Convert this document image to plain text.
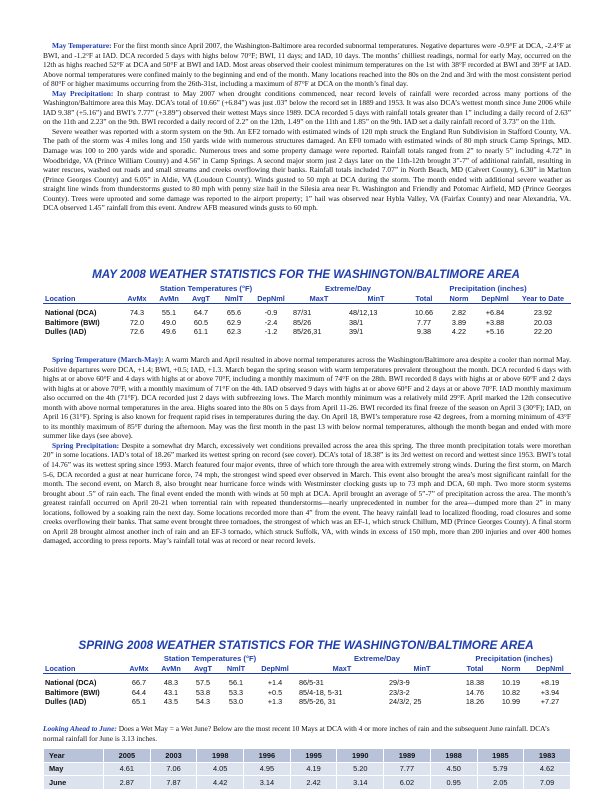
May Temperature: For the first month since April 2007, the Washington-Baltimore area recorded subnormal temperatures. Negative departures were -0.9°F at DCA, -2.4°F at BWI, and -1.2°F at IAD. DCA recorded 5 days with highs below 70°F; BWI, 11 days; and IAD, 10 days. The months’ chilliest readings, normal for early May, occurred on the 12th as highs reached 52°F at DCA and 50°F at BWI and IAD. Most areas observed their coolest minimum temperatures on the 1st with 38°F recorded at BWI and 39°F at IAD. Above normal temperatures were confined mainly to the beginning and end of the month. Many locations reached into the 80s on the 2nd and 3rd with the most consistent period of 80°F or higher maximums occurring from the 26th-31st, including a maximum of 87°F at DCA on the month’s final day.

May Precipitation: In sharp contrast to May 2007 when drought conditions commenced, near record levels of rainfall were recorded across many portions of the Washington/Baltimore area this May. DCA’s total of 10.66” (+6.84”) was just .03” below the record set in 1889 and 1953. It was also DCA’s wettest month since June 2006 while IAD 9.38” (+5.16”) and BWI’s 7.77” (+3.89”) observed their wettest Mays since 1989. DCA recorded 5 days with rainfall totals greater than 1” including a daily record of 2.63” on the 11th and 2.23” on the 9th. BWI recorded a daily record of 2.2” on the 12th, 1.49” on the 11th and 1.85” on the 9th. IAD set a daily rainfall record of 3.73” on the 11th.

Severe weather was reported with a storm system on the 9th. An EF2 tornado with estimated winds of 120 mph struck the England Run Subdivision in Stafford County, VA. The path of the storm was 4 miles long and 150 yards wide with numerous structures damaged. An EF0 tornado with estimated winds of 80 mph struck Camp Springs, MD. Damage was 100 to 200 yards wide and sporadic. Numerous trees and some property damage were reported. Rainfall totals ranged from 2” to nearly 5” including 4.72” in Woodbridge, VA (Prince William County) and 4.56” in Camp Springs. A second major storm just 2 days later on the 11th-12th brought 3”-7” of additional rainfall, resulting in water rescues, washed out roads and small streams and creeks overflowing their banks. Rainfall totals included 7.07” in North Beach, MD (Calvert County), 6.30” in Marlton (Prince Georges County) and 6.05” in Aldie, VA (Loudoun County). Winds gusted to 50 mph at DCA during the storm. The month ended with additional severe weather as straight line winds from thunderstorms gusted to 80 mph with penny size hail in the Silesia area near Ft. Washington and Friendly and Potomac Airfield, MD (Prince Georges County). Trees were uprooted and some damage was reported to the airport property; 1” hail was observed near Hybla Valley, VA (Fairfax County) and near Alexandria, VA. DCA observed 1.45” rainfall from this event. Andrew AFB measured winds gusts to 60 mph.

MAY 2008 WEATHER STATISTICS FOR THE WASHINGTON/BALTIMORE AREA
	Station Temperatures (°F)					Extreme/Day		Precipitation (inches)			
Location	AvMx	AvMn	AvgT	NmlT	DepNml	MaxT	MinT	Total	Norm	DepNml	Year to Date

National (DCA)	74.3	55.1	64.7	65.6	-0.9	87/31	48/12,13	10.66	2.82	+6.84	23.92
Baltimore (BWI)	72.0	49.0	60.5	62.9	-2.4	85/26	38/1	7.77	3.89	+3.88	20.03
Dulles (IAD)	72.6	49.6	61.1	62.3	-1.2	85/26,31	39/1	9.38	4.22	+5.16	22.20

Spring Temperature (March-May): A warm March and April resulted in above normal temperatures across the Washington/Baltimore area despite a cooler than normal May. Positive departures were DCA, +1.4; BWI, +0.5; IAD, +1.3. March began the spring season with warm temperatures prevalent throughout the month. DCA recorded 6 days with highs at or above 60°F and 4 days with highs at or above 70°F, including a monthly maximum of 74°F on the 28th. BWI recorded 8 days with highs at or above 60°F and 2 days with highs at or above 70°F, with a monthly maximum of 71°F on the 4th. IAD observed 9 days with highs at or above 60°F and 2 days at or above 70°F. IAD monthly maximum also occurred on the 4th (71°F). DCA recorded just 2 days with subfreezing lows. The March monthly minimum was a relatively mild 29°F. April marked the 12th consecutive month with above normal temperatures in the area. Highs soared into the 80s on 5 days from April 11-26. BWI recorded its final freeze of the season on April 3 (30°F); IAD, on April 16 (31°F). Spring is also known for frequent rapid rises in temperatures during the day. On April 18, BWI’s temperature rose 42 degrees, from a morning minimum of 43°F to its monthly maximum of 85°F during the afternoon. May was the first month in the past 13 with below normal temperatures, although the month began and ended with more summer like days (see above).

Spring Precipitation: Despite a somewhat dry March, excessively wet conditions prevailed across the area this spring. The three month precipitation totals were morethan 20” in some locations. IAD’s total of 18.26” marked its wettest spring on record (see cover). DCA’s total of 18.38” is its 3rd wettest on record and wettest since 1953. BWI’s total of 14.76” was its wettest spring since 1993. March featured four major events, three of which tore through the area with extremely strong winds. During the first storm, on March 5-6, DCA recorded a gust at near hurricane force, 74 mph, the strongest wind speed ever observed in March. This event also brought the area’s most significant rainfall for the month. The second event, on March 8, also brought near hurricane force winds with Westminster clocking gusts up to 73 mph and DCA, 60 mph. Two more storm systems brought about .5” of rain each. The final event ended the month with winds at 50 mph at DCA. April brought an average of 5”-7” of precipitation across the area. The month’s greatest rainfall occurred on April 20-21 when torrential rain with repeated thunderstorms—nearly unprecedented in number for the area—dumped more than 2” in many locations, followed by a soaking rain the next day. Some locations recorded more than 4” from the event. The heavy rainfall lead to localized flooding, road closures and some creeks overflowing their banks. That same event brought three tornadoes, the strongest of which was an EF-1, which struck Chillum, MD (Prince Georges County). A final storm on April 28 brought almost another inch of rain and an EF-3 tornado, which struck Suffolk, VA, with winds in excess of 150 mph, more than 200 injuries and over 400 homes damaged, according to press reports. May’s rainfall total was at record or near record levels.

SPRING 2008 WEATHER STATISTICS FOR THE WASHINGTON/BALTIMORE AREA
	Station Temperatures (°F)					Extreme/Day		Precipitation (inches)		
Location	AvMx	AvMn	AvgT	NmlT	DepNml	MaxT	MinT	Total	Norm	DepNml

National (DCA)	66.7	48.3	57.5	56.1	+1.4	86/5-31	29/3-9	18.38	10.19	+8.19
Baltimore (BWI)	64.4	43.1	53.8	53.3	+0.5	85/4-18, 5-31	23/3-2	14.76	10.82	+3.94
Dulles (IAD)	65.1	43.5	54.3	53.0	+1.3	85/5-26, 31	24/3/2, 25	18.26	10.99	+7.27
Looking Ahead to June: Does a Wet May = a Wet June? Below are the most recent 10 Mays at DCA with 4 or more inches of rain and the subsequent June rainfall. DCA’s normal rainfall for June is 3.13 inches.
Year	2005	2003	1998	1996	1995	1990	1989	1988	1985	1983
May	4.61	7.06	4.05	4.95	4.19	5.20	7.77	4.50	5.79	4.62
June	2.87	7.87	4.42	3.14	2.42	3.14	6.02	0.95	2.05	7.09
